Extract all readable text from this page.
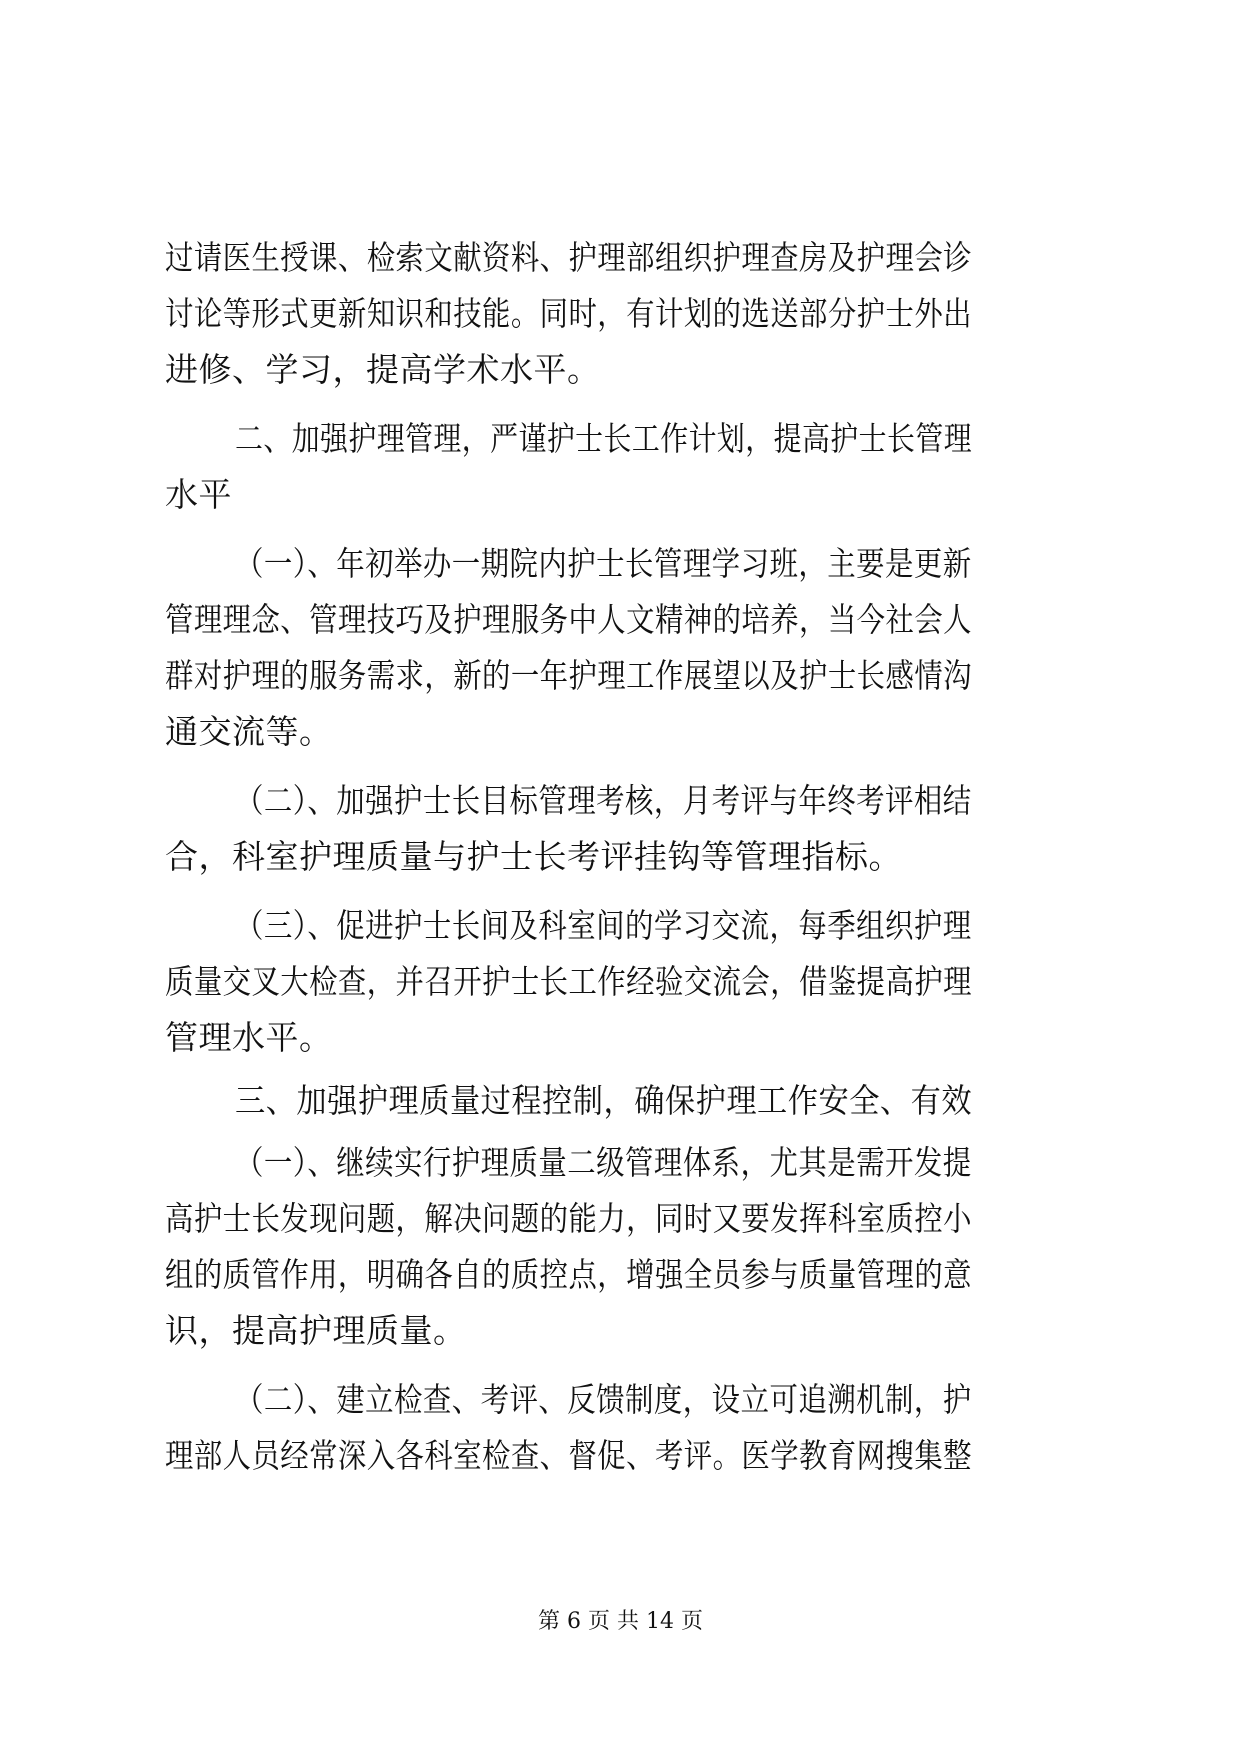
过请医生授课、检索文献资料、护理部组织护理查房及护理会诊
讨论等形式更新知识和技能。同时，有计划的选送部分护士外出
进修、学习，提高学术水平。
二、加强护理管理，严谨护士长工作计划，提高护士长管理
水平
（一）、年初举办一期院内护士长管理学习班，主要是更新
管理理念、管理技巧及护理服务中人文精神的培养，当今社会人
群对护理的服务需求，新的一年护理工作展望以及护士长感情沟
通交流等。
（二）、加强护士长目标管理考核，月考评与年终考评相结
合，科室护理质量与护士长考评挂钩等管理指标。
（三）、促进护士长间及科室间的学习交流，每季组织护理
质量交叉大检查，并召开护士长工作经验交流会，借鉴提高护理
管理水平。
三、加强护理质量过程控制，确保护理工作安全、有效
（一）、继续实行护理质量二级管理体系，尤其是需开发提
高护士长发现问题，解决问题的能力，同时又要发挥科室质控小
组的质管作用，明确各自的质控点，增强全员参与质量管理的意
识，提高护理质量。
（二）、建立检查、考评、反馈制度，设立可追溯机制，护
理部人员经常深入各科室检查、督促、考评。医学教育网搜集整
第 6 页 共 14 页
